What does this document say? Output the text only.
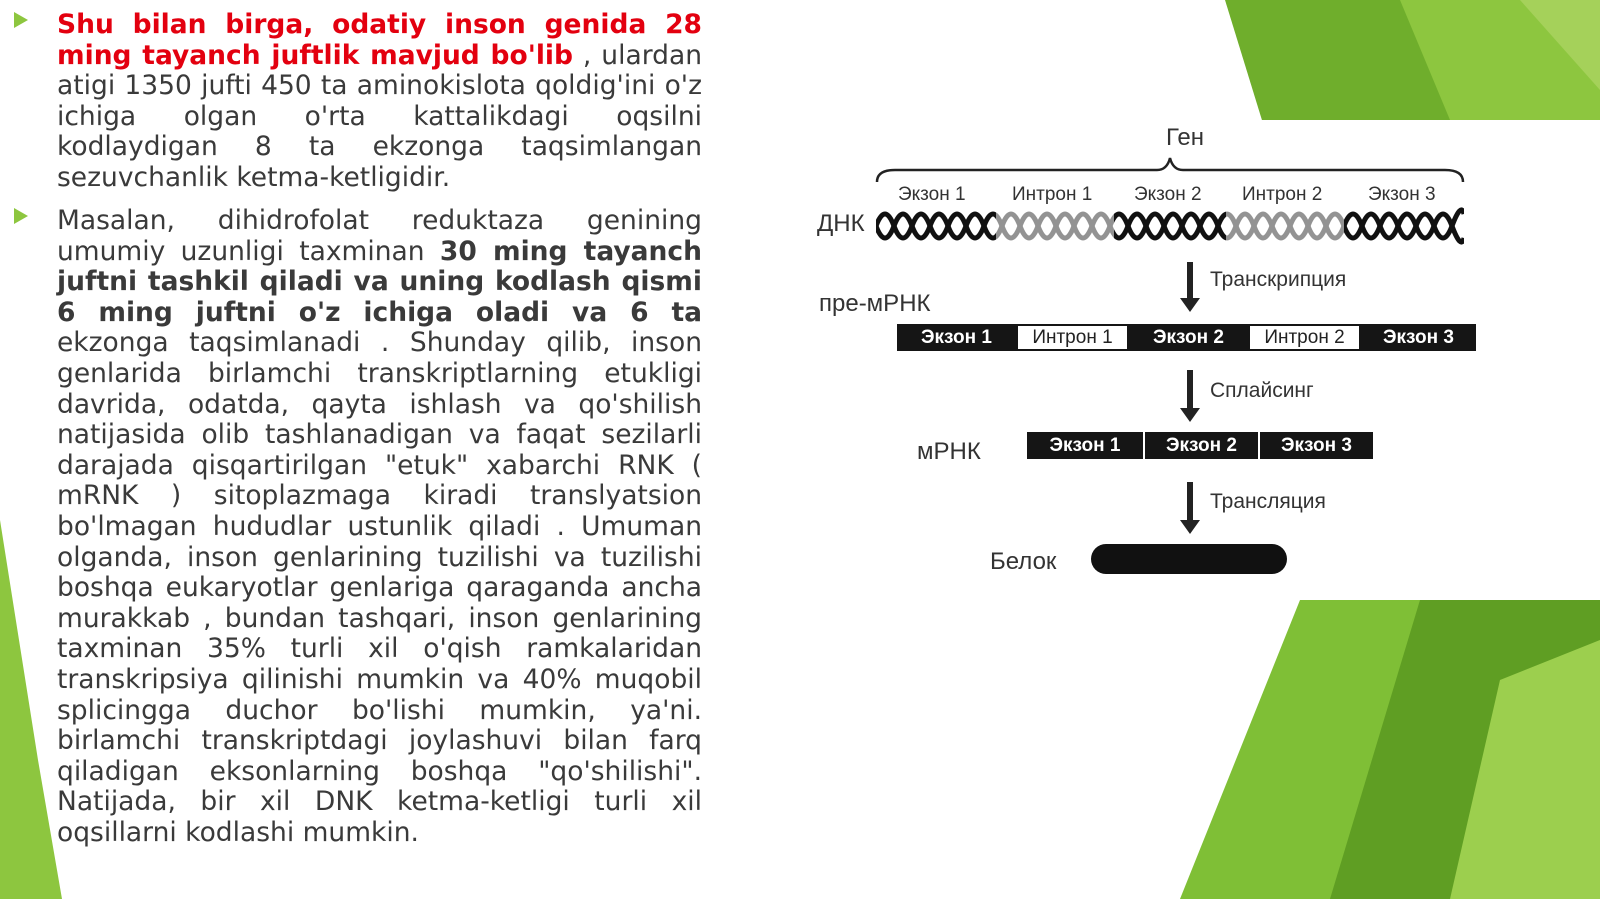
Shu bilan birga, odatiy inson genida 28 ming tayanch juftlik mavjud bo'lib , ulardan atigi 1350 jufti 450 ta aminokislota qoldig'ini o'z ichiga olgan o'rta kattalikdagi oqsilni kodlaydigan 8 ta ekzonga taqsimlangan sezuvchanlik ketma-ketligidir.
Masalan, dihidrofolat reduktaza genining umumiy uzunligi taxminan 30 ming tayanch juftni tashkil qiladi va uning kodlash qismi 6 ming juftni o'z ichiga oladi va 6 ta ekzonga taqsimlanadi . Shunday qilib, inson genlarida birlamchi transkriptlarning etukligi davrida, odatda, qayta ishlash va qo'shilish natijasida olib tashlanadigan va faqat sezilarli darajada qisqartirilgan "etuk" xabarchi RNK ( mRNK ) sitoplazmaga kiradi translyatsion bo'lmagan hududlar ustunlik qiladi . Umuman olganda, inson genlarining tuzilishi va tuzilishi boshqa eukaryotlar genlariga qaraganda ancha murakkab , bundan tashqari, inson genlarining taxminan 35% turli xil o'qish ramkalaridan transkripsiya qilinishi mumkin va 40% muqobil splicingga duchor bo'lishi mumkin, ya'ni. birlamchi transkriptdagi joylashuvi bilan farq qiladigan eksonlarning boshqa "qo'shilishi". Natijada, bir xil DNK ketma-ketligi turli xil oqsillarni kodlashi mumkin.
Ген
Экзон 1 Интрон 1 Экзон 2 Интрон 2 Экзон 3
ДНК
Транскрипция
пре-мРНК
Экзон 1	Интрон 1	Экзон 2	Интрон 2	Экзон 3
Сплайсинг
мРНК	Экзон 1	Экзон 2	Экзон 3
Трансляция
Белок
